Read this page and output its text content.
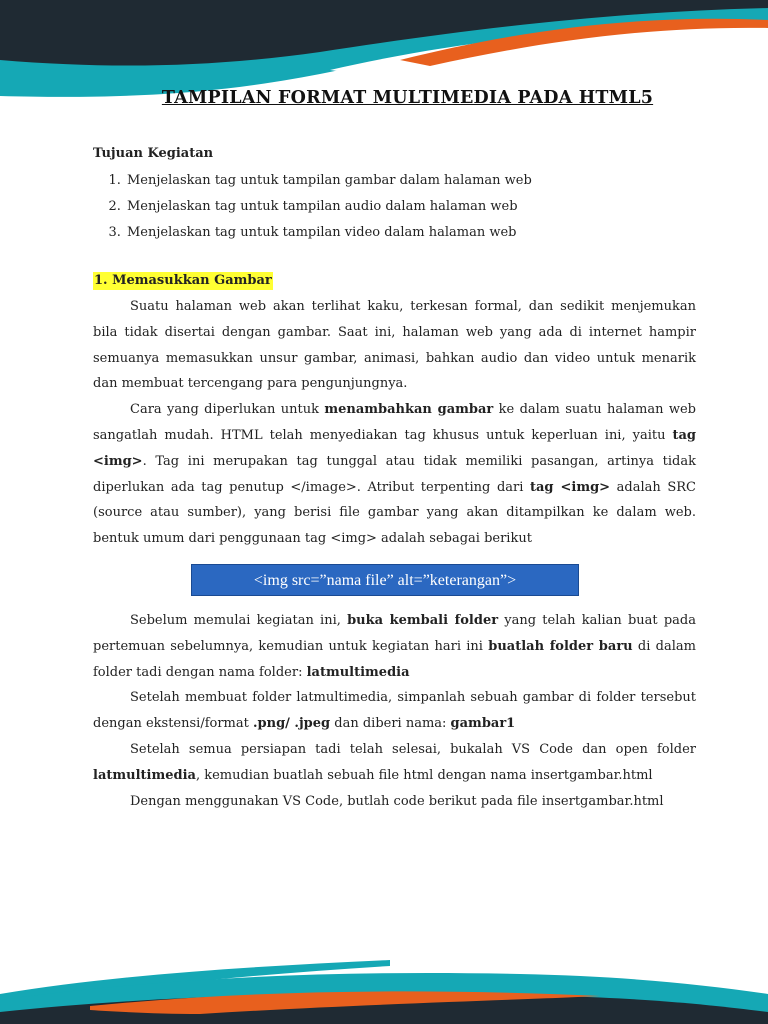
TAMPILAN FORMAT MULTIMEDIA PADA HTML5
Tujuan Kegiatan
1. Menjelaskan tag untuk tampilan gambar dalam halaman web
2. Menjelaskan tag untuk tampilan audio dalam halaman web
3. Menjelaskan tag untuk tampilan video dalam halaman web
1. Memasukkan Gambar

Suatu halaman web akan terlihat kaku, terkesan formal, dan sedikit menjemukan bila tidak disertai dengan gambar. Saat ini, halaman web yang ada di internet hampir semuanya memasukkan unsur gambar, animasi, bahkan audio dan video untuk menarik dan membuat tercengang para pengunjungnya.

Cara yang diperlukan untuk menambahkan gambar ke dalam suatu halaman web sangatlah mudah. HTML telah menyediakan tag khusus untuk keperluan ini, yaitu tag <img>. Tag ini merupakan tag tunggal atau tidak memiliki pasangan, artinya tidak diperlukan ada tag penutup </image>. Atribut terpenting dari tag <img> adalah SRC (source atau sumber), yang berisi file gambar yang akan ditampilkan ke dalam web. bentuk umum dari penggunaan tag <img> adalah sebagai berikut

<img src=”nama file” alt=”keterangan”>

Sebelum memulai kegiatan ini, buka kembali folder yang telah kalian buat pada pertemuan sebelumnya, kemudian untuk kegiatan hari ini buatlah folder baru di dalam folder tadi dengan nama folder: latmultimedia

Setelah membuat folder latmultimedia, simpanlah sebuah gambar di folder tersebut dengan ekstensi/format .png/ .jpeg dan diberi nama: gambar1

Setelah semua persiapan tadi telah selesai, bukalah VS Code dan open folder latmultimedia, kemudian buatlah sebuah file html dengan nama insertgambar.html

Dengan menggunakan VS Code, butlah code berikut pada file insertgambar.html
